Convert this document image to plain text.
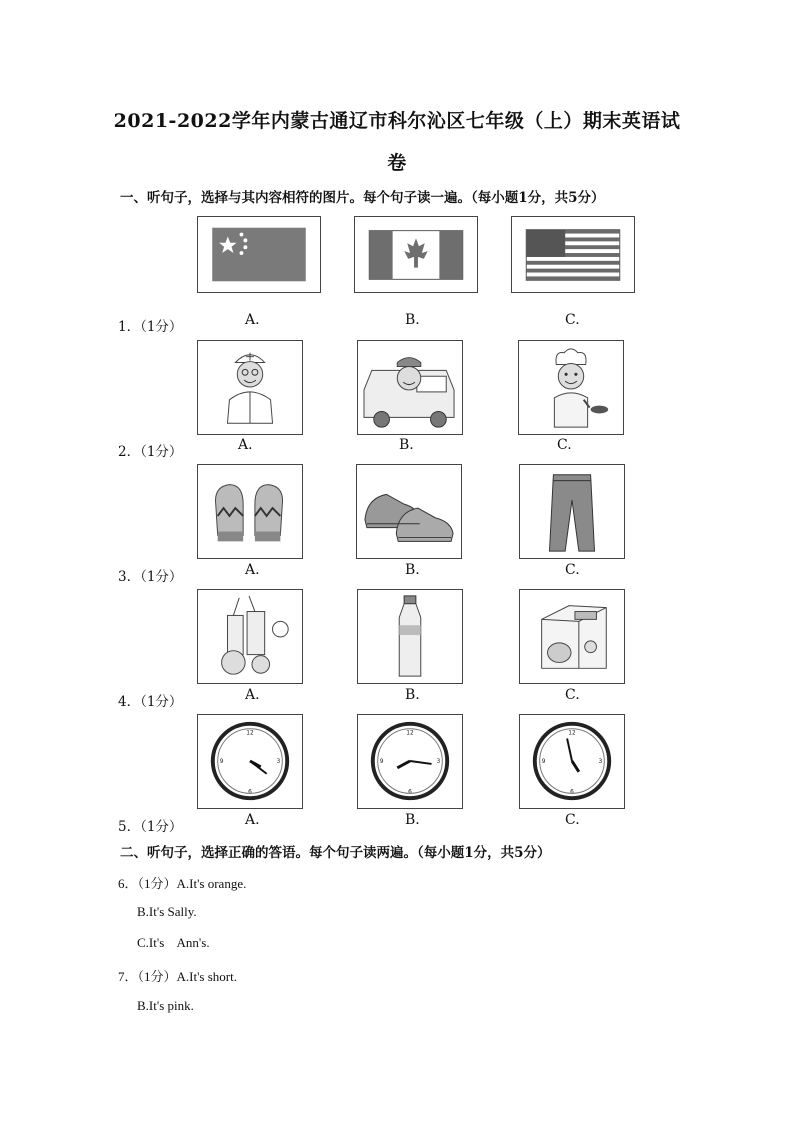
2021-2022学年内蒙古通辽市科尔沁区七年级（上）期末英语试
卷
一、听句子，选择与其内容相符的图片。每个句子读一遍。（每小题1分，共5分）
1．（1分）	A.	B.	C.
2．（1分）	A.	B.	C.
3．（1分）	A.	B.	C.
4．（1分）	A.	B.	C.
12
6
3
9
12
6
3
9
12
6
3
9
5．（1分）	A.	B.	C.
二、听句子，选择正确的答语。每个句子读两遍。（每小题1分，共5分）
6．（1分）A.It's orange.
B.It's Sally.
C.It's    Ann's.
7．（1分）A.It's short.
B.It's pink.
